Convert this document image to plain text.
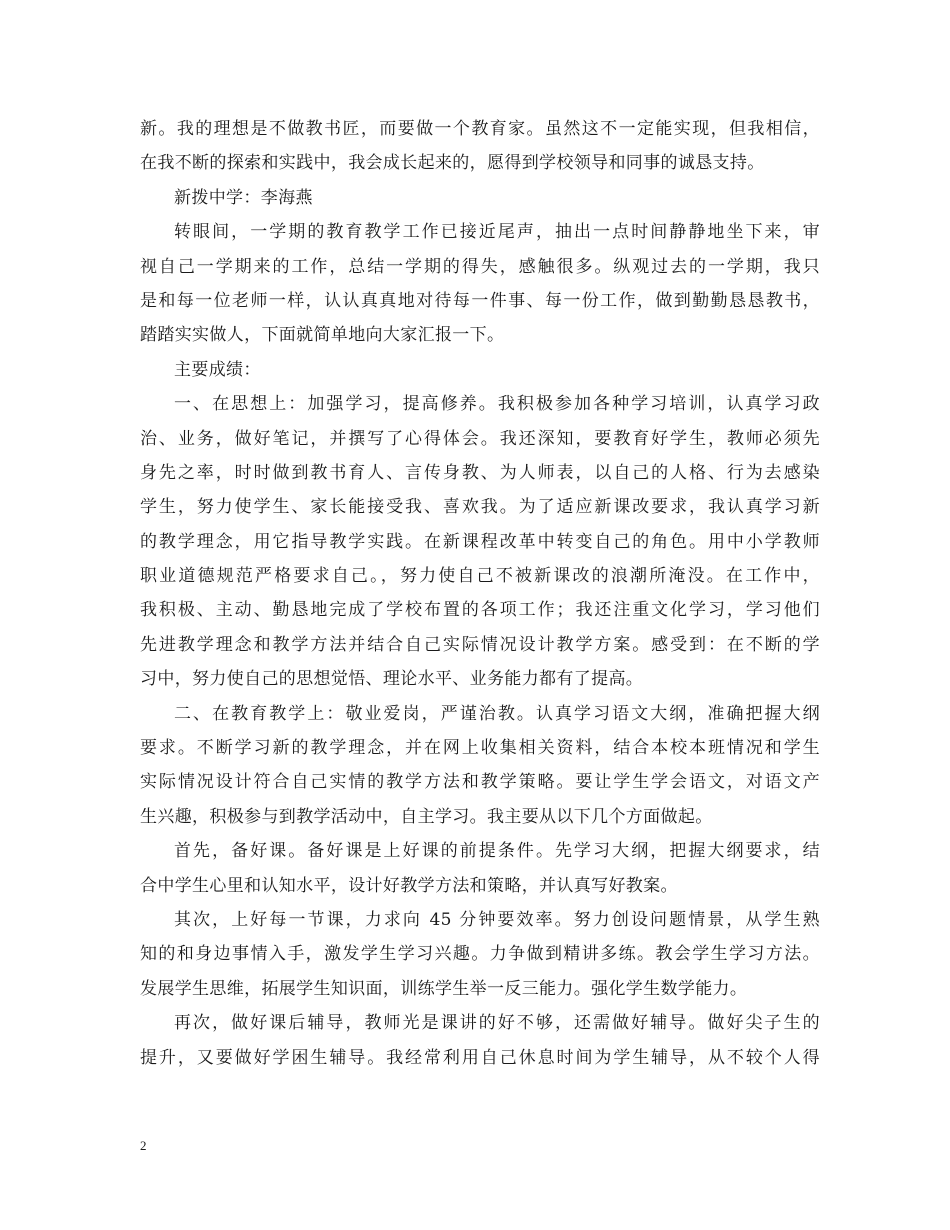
新。我的理想是不做教书匠，而要做一个教育家。虽然这不一定能实现，但我相信，
在我不断的探索和实践中，我会成长起来的，愿得到学校领导和同事的诚恳支持。
新拨中学：李海燕
转眼间，一学期的教育教学工作已接近尾声，抽出一点时间静静地坐下来，审
视自己一学期来的工作，总结一学期的得失，感触很多。纵观过去的一学期，我只
是和每一位老师一样，认认真真地对待每一件事、每一份工作，做到勤勤恳恳教书，
踏踏实实做人，下面就简单地向大家汇报一下。
主要成绩：
一、在思想上：加强学习，提高修养。我积极参加各种学习培训，认真学习政
治、业务，做好笔记，并撰写了心得体会。我还深知，要教育好学生，教师必须先
身先之率，时时做到教书育人、言传身教、为人师表，以自己的人格、行为去感染
学生，努力使学生、家长能接受我、喜欢我。为了适应新课改要求，我认真学习新
的教学理念，用它指导教学实践。在新课程改革中转变自己的角色。用中小学教师
职业道德规范严格要求自己。，努力使自己不被新课改的浪潮所淹没。在工作中，
我积极、主动、勤恳地完成了学校布置的各项工作；我还注重文化学习，学习他们
先进教学理念和教学方法并结合自己实际情况设计教学方案。感受到：在不断的学
习中，努力使自己的思想觉悟、理论水平、业务能力都有了提高。
二、在教育教学上：敬业爱岗，严谨治教。认真学习语文大纲，准确把握大纲
要求。不断学习新的教学理念，并在网上收集相关资料，结合本校本班情况和学生
实际情况设计符合自己实情的教学方法和教学策略。要让学生学会语文，对语文产
生兴趣，积极参与到教学活动中，自主学习。我主要从以下几个方面做起。
首先，备好课。备好课是上好课的前提条件。先学习大纲，把握大纲要求，结
合中学生心里和认知水平，设计好教学方法和策略，并认真写好教案。
其次，上好每一节课，力求向 45 分钟要效率。努力创设问题情景，从学生熟
知的和身边事情入手，激发学生学习兴趣。力争做到精讲多练。教会学生学习方法。
发展学生思维，拓展学生知识面，训练学生举一反三能力。强化学生数学能力。
再次，做好课后辅导，教师光是课讲的好不够，还需做好辅导。做好尖子生的
提升，又要做好学困生辅导。我经常利用自己休息时间为学生辅导，从不较个人得
2
